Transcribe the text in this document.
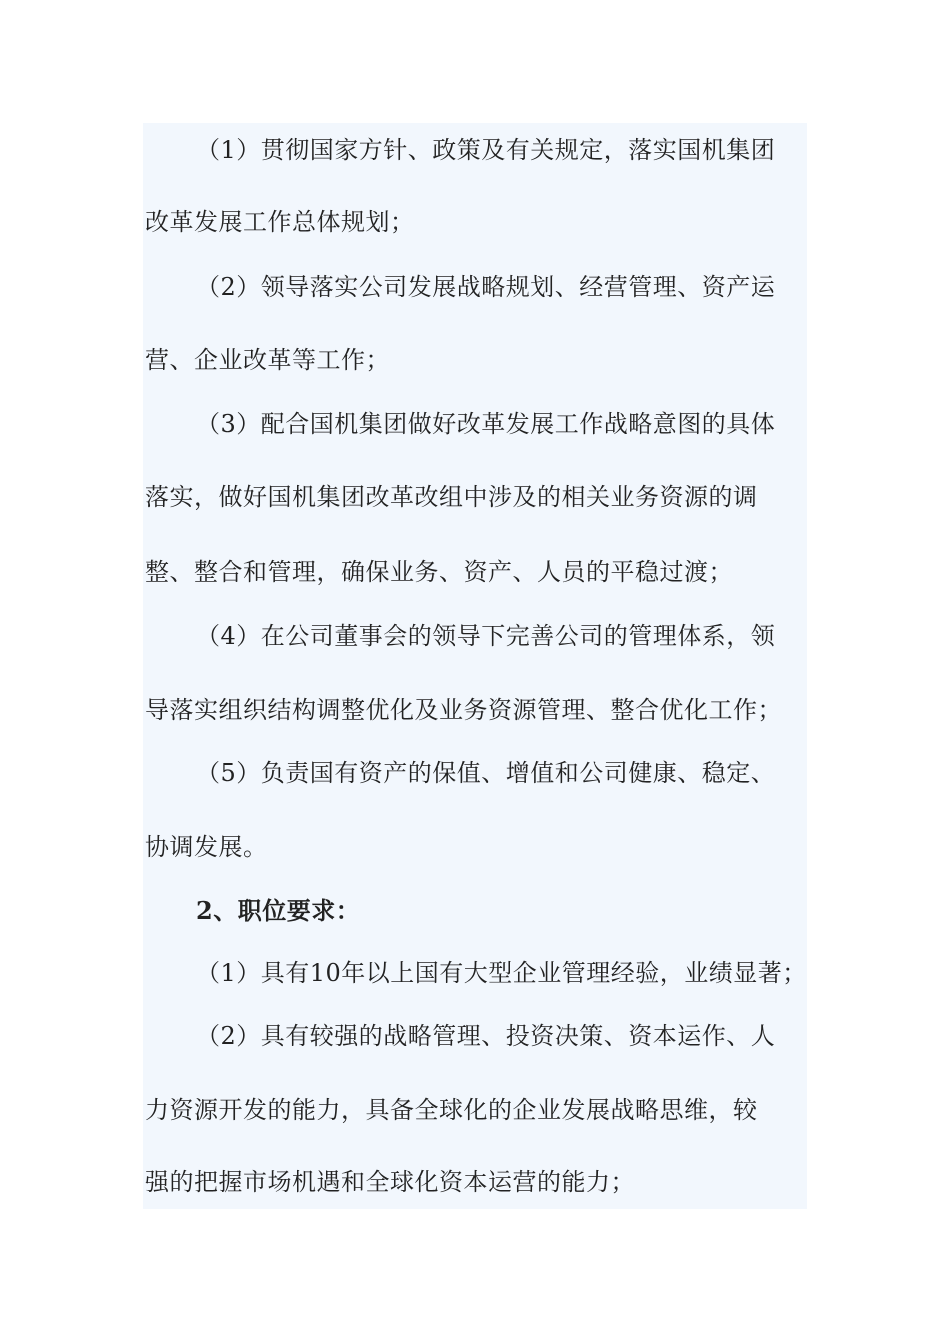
（1）贯彻国家方针、政策及有关规定，落实国机集团
改革发展工作总体规划；
（2）领导落实公司发展战略规划、经营管理、资产运
营、企业改革等工作；
（3）配合国机集团做好改革发展工作战略意图的具体
落实，做好国机集团改革改组中涉及的相关业务资源的调
整、整合和管理，确保业务、资产、人员的平稳过渡；
（4）在公司董事会的领导下完善公司的管理体系，领
导落实组织结构调整优化及业务资源管理、整合优化工作；
（5）负责国有资产的保值、增值和公司健康、稳定、
协调发展。
2、职位要求：
（1）具有10年以上国有大型企业管理经验，业绩显著；
（2）具有较强的战略管理、投资决策、资本运作、人
力资源开发的能力，具备全球化的企业发展战略思维，较
强的把握市场机遇和全球化资本运营的能力；
